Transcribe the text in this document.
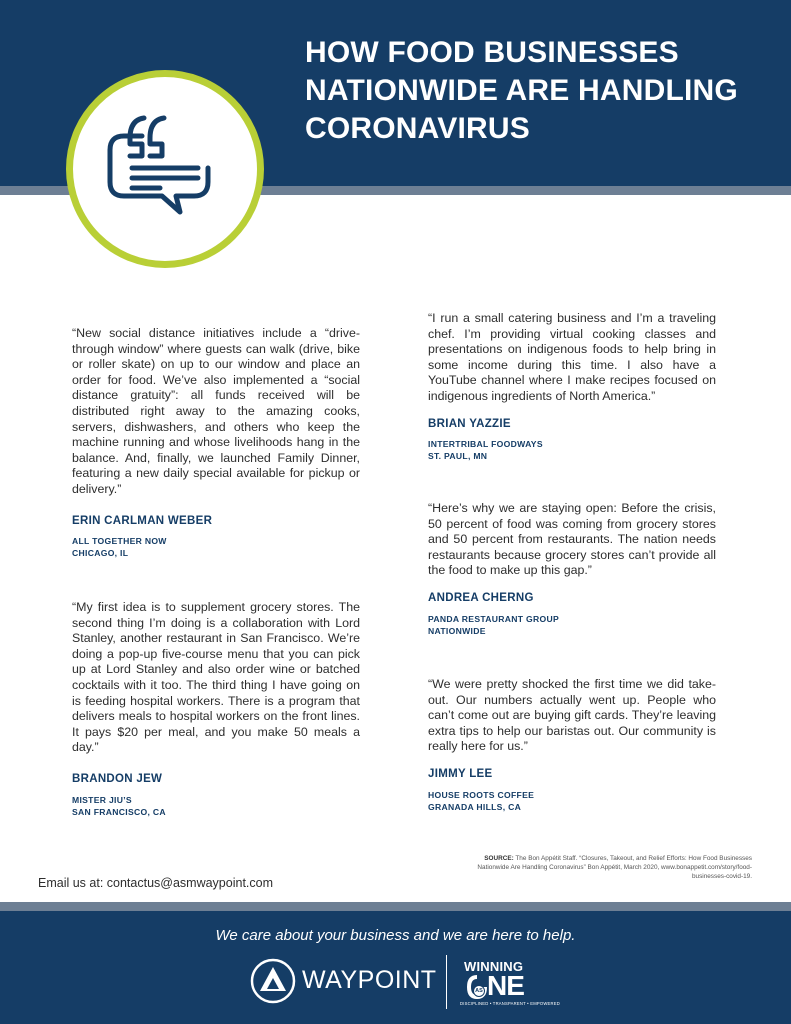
HOW FOOD BUSINESSES NATIONWIDE ARE HANDLING CORONAVIRUS
“New social distance initiatives include a “drive-through window” where guests can walk (drive, bike or roller skate) on up to our window and place an order for food. We’ve also implemented a “social distance gratuity”: all funds received will be distributed right away to the amazing cooks, servers, dishwashers, and others who keep the machine running and whose livelihoods hang in the balance. And, finally, we launched Family Dinner, featuring a new daily special available for pickup or delivery.”
ERIN CARLMAN WEBER
ALL TOGETHER NOW
CHICAGO, IL
“I run a small catering business and I’m a traveling chef. I’m providing virtual cooking classes and presentations on indigenous foods to help bring in some income during this time. I also have a YouTube channel where I make recipes focused on indigenous ingredients of North America.”
BRIAN YAZZIE
INTERTRIBAL FOODWAYS
ST. PAUL, MN
“Here’s why we are staying open: Before the crisis, 50 percent of food was coming from grocery stores and 50 percent from restaurants. The nation needs restaurants because grocery stores can’t provide all the food to make up this gap.”
ANDREA CHERNG
PANDA RESTAURANT GROUP
NATIONWIDE
“My first idea is to supplement grocery stores. The second thing I’m doing is a collaboration with Lord Stanley, another restaurant in San Francisco. We’re doing a pop-up five-course menu that you can pick up at Lord Stanley and also order wine or batched cocktails with it too. The third thing I have going on is feeding hospital workers. There is a program that delivers meals to hospital workers on the front lines. It pays $20 per meal, and you make 50 meals a day.”
BRANDON JEW
MISTER JIU’S
SAN FRANCISCO, CA
“We were pretty shocked the first time we did take-out. Our numbers actually went up. People who can’t come out are buying gift cards. They’re leaving extra tips to help our baristas out. Our community is really here for us.”
JIMMY LEE
HOUSE ROOTS COFFEE
GRANADA HILLS, CA
Email us at: contactus@asmwaypoint.com
SOURCE: The Bon Appétit Staff. “Closures, Takeout, and Relief Efforts: How Food Businesses Nationwide Are Handling Coronavirus” Bon Appétit, March 2020, www.bonappetit.com/story/food-businesses-covid-19.
We care about your business and we are here to help.
WAYPOINT WINNING
NE
AS
DISCIPLINED • TRANSPARENT • EMPOWERED
